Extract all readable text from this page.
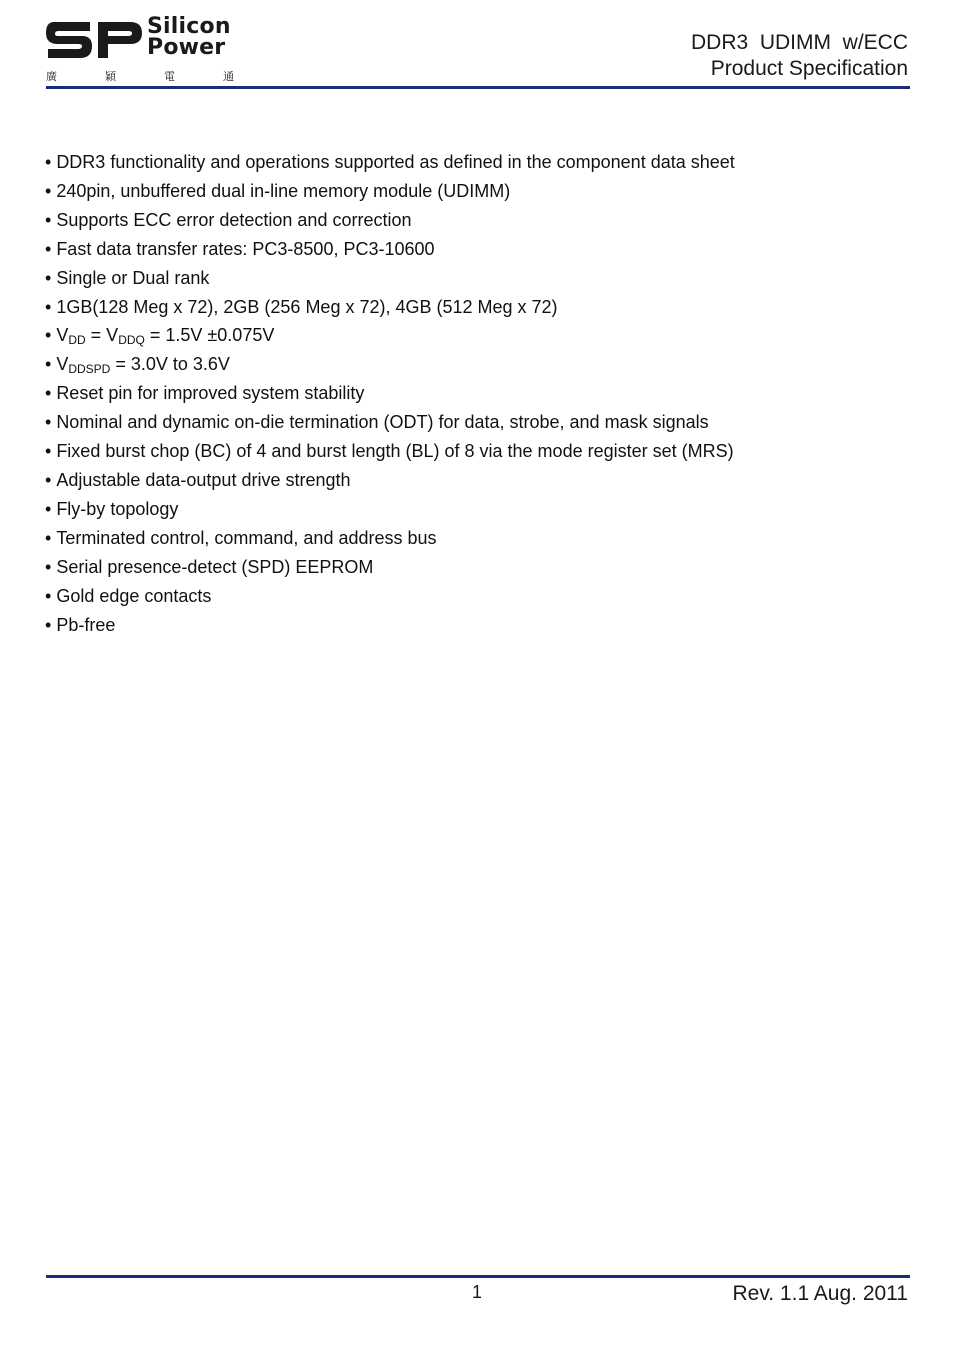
Silicon
Power
廣	穎	電	通
DDR3  UDIMM  w/ECC
Product Specification
• DDR3 functionality and operations supported as defined in the component data sheet
• 240pin, unbuffered dual in-line memory module (UDIMM)
• Supports ECC error detection and correction
• Fast data transfer rates: PC3-8500, PC3-10600
• Single or Dual rank
• 1GB(128 Meg x 72), 2GB (256 Meg x 72), 4GB (512 Meg x 72)
• $V_{DD} = V_{DDQ} = 1.5V \pm 0.075V$
• $V_{DDSPD} = 3.0V$ to 3.6V
• Reset pin for improved system stability
• Nominal and dynamic on-die termination (ODT) for data, strobe, and mask signals
• Fixed burst chop (BC) of 4 and burst length (BL) of 8 via the mode register set (MRS)
• Adjustable data-output drive strength
• Fly-by topology
• Terminated control, command, and address bus
• Serial presence-detect (SPD) EEPROM
• Gold edge contacts
• Pb-free
1	Rev. 1.1 Aug. 2011
